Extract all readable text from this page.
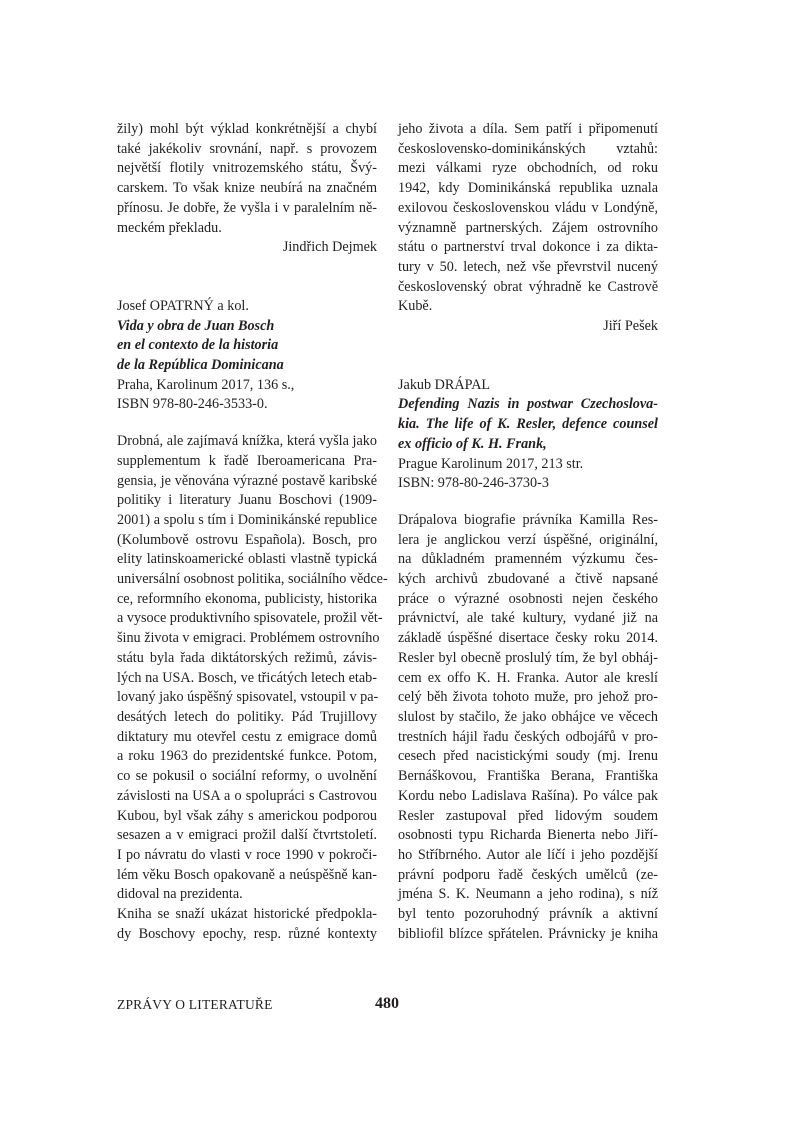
žily) mohl být výklad konkrétnější a chybí
také jakékoliv srovnání, např. s provozem
největší flotily vnitrozemského státu, Švý-
carskem. To však knize neubírá na značném
přínosu. Je dobře, že vyšla i v paralelním ně-
meckém překladu.
Jindřich Dejmek
Josef OPATRNÝ a kol.
Vida y obra de Juan Bosch
en el contexto de la historia
de la República Dominicana
Praha, Karolinum 2017, 136 s.,
ISBN 978-80-246-3533-0.
Drobná, ale zajímavá knížka, která vyšla jako
supplementum k řadě Iberoamericana Pra-
gensia, je věnována výrazné postavě karibské
politiky i literatury Juanu Boschovi (1909-
2001) a spolu s tím i Dominikánské republice
(Kolumbově ostrovu Española). Bosch, pro
elity latinskoamerické oblasti vlastně typická
universální osobnost politika, sociálního vědce-
ce, reformního ekonoma, publicisty, historika
a vysoce produktivního spisovatele, prožil vět-
šinu života v emigraci. Problémem ostrovního
státu byla řada diktátorských režimů, závis-
lých na USA. Bosch, ve třicátých letech etab-
lovaný jako úspěšný spisovatel, vstoupil v pa-
desátých letech do politiky. Pád Trujillovy
diktatury mu otevřel cestu z emigrace domů
a roku 1963 do prezidentské funkce. Potom,
co se pokusil o sociální reformy, o uvolnění
závislosti na USA a o spolupráci s Castrovou
Kubou, byl však záhy s americkou podporou
sesazen a v emigraci prožil další čtvrtstoletí.
I po návratu do vlasti v roce 1990 v pokroči-
lém věku Bosch opakovaně a neúspěšně kan-
didoval na prezidenta.
Kniha se snaží ukázat historické předpokla-
dy Boschovy epochy, resp. různé kontexty
jeho života a díla. Sem patří i připomenutí
československo-dominikánských vztahů:
mezi válkami ryze obchodních, od roku
1942, kdy Dominikánská republika uznala
exilovou československou vládu v Londýně,
významně partnerských. Zájem ostrovního
státu o partnerství trval dokonce i za dikta-
tury v 50. letech, než vše převrstvil nucený
československý obrat výhradně ke Castrově
Kubě.
Jiří Pešek
Jakub DRÁPAL
Defending Nazis in postwar Czechoslova-
kia. The life of K. Resler, defence counsel
ex officio of K. H. Frank,
Prague Karolinum 2017, 213 str.
ISBN: 978-80-246-3730-3
Drápalova biografie právníka Kamilla Res-
lera je anglickou verzí úspěšné, originální,
na důkladném pramenném výzkumu čes-
kých archivů zbudované a čtivě napsané
práce o výrazné osobnosti nejen českého
právnictví, ale také kultury, vydané již na
základě úspěšné disertace česky roku 2014.
Resler byl obecně proslulý tím, že byl obháj-
cem ex offo K. H. Franka. Autor ale kreslí
celý běh života tohoto muže, pro jehož pro-
slulost by stačilo, že jako obhájce ve věcech
trestních hájil řadu českých odbojářů v pro-
cesech před nacistickými soudy (mj. Irenu
Bernáškovou, Františka Berana, Františka
Kordu nebo Ladislava Rašína). Po válce pak
Resler zastupoval před lidovým soudem
osobnosti typu Richarda Bienerta nebo Jiří-
ho Stříbrného. Autor ale líčí i jeho pozdější
právní podporu řadě českých umělců (ze-
jména S. K. Neumann a jeho rodina), s níž
byl tento pozoruhodný právník a aktivní
bibliofil blízce spřátelen. Právnicky je kniha
ZPRÁVY O LITERATUŘE	480
